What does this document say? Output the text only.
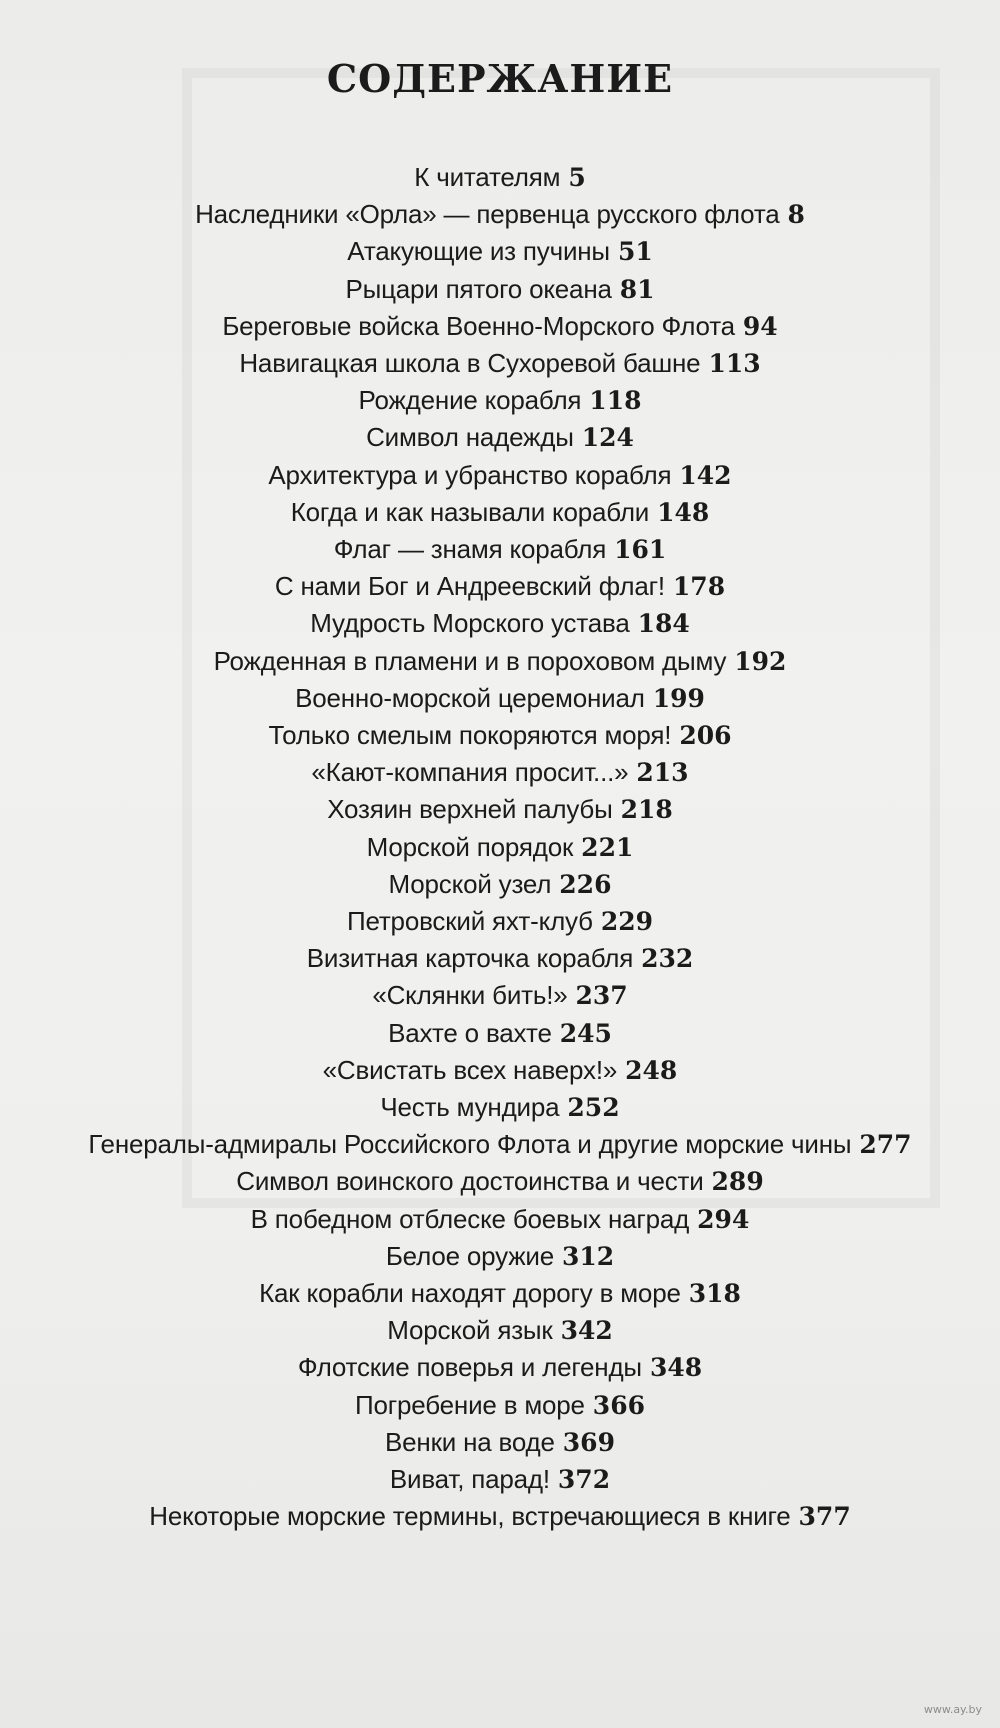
СОДЕРЖАНИЕ
К читателям 5
Наследники «Орла» — первенца русского флота 8
Атакующие из пучины 51
Рыцари пятого океана 81
Береговые войска Военно-Морского Флота 94
Навигацкая школа в Сухоревой башне 113
Рождение корабля 118
Символ надежды 124
Архитектура и убранство корабля 142
Когда и как называли корабли 148
Флаг — знамя корабля 161
С нами Бог и Андреевский флаг! 178
Мудрость Морского устава 184
Рожденная в пламени и в пороховом дыму 192
Военно-морской церемониал 199
Только смелым покоряются моря! 206
«Кают-компания просит...» 213
Хозяин верхней палубы 218
Морской порядок 221
Морской узел 226
Петровский яхт-клуб 229
Визитная карточка корабля 232
«Склянки бить!» 237
Вахте о вахте 245
«Свистать всех наверх!» 248
Честь мундира 252
Генералы-адмиралы Российского Флота и другие морские чины 277
Символ воинского достоинства и чести 289
В победном отблеске боевых наград 294
Белое оружие 312
Как корабли находят дорогу в море 318
Морской язык 342
Флотские поверья и легенды 348
Погребение в море 366
Венки на воде 369
Виват, парад! 372
Некоторые морские термины, встречающиеся в книге 377
www.ay.by
